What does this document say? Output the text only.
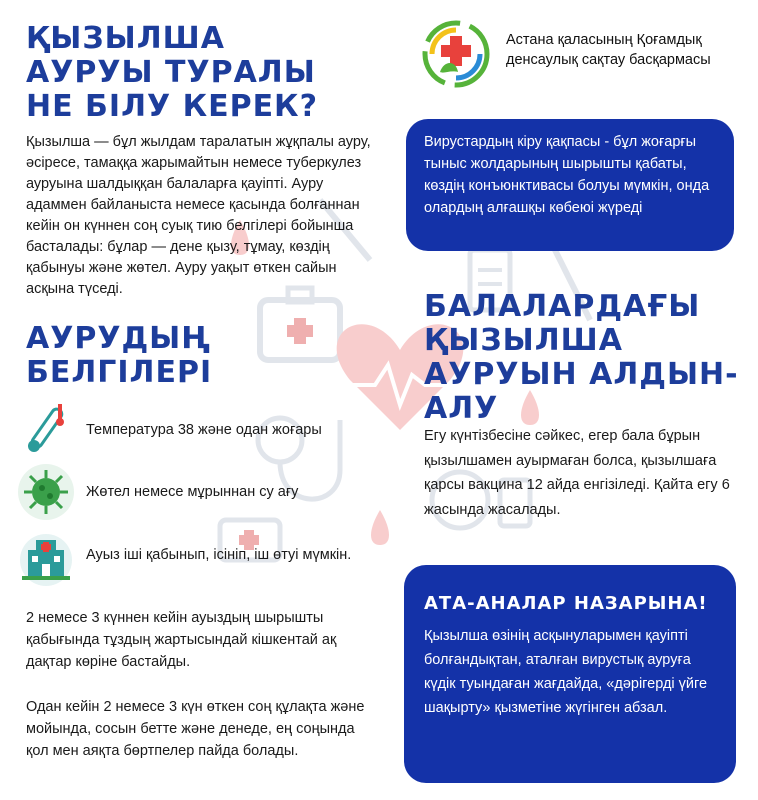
ҚЫЗЫЛША АУРУЫ ТУРАЛЫ НЕ БІЛУ КЕРЕК?
Астана қаласының Қоғамдық денсаулық сақтау басқармасы
Қызылша — бұл жылдам таралатын жұқпалы ауру, әсіресе, тамаққа жарымайтын немесе туберкулез ауруына шалдыққан балаларға қауіпті. Ауру адаммен байланыста немесе қасында болғаннан кейін он күннен соң суық тию белгілері бойынша басталады: бұлар — дене қызу, тұмау, көздің қабынуы және жөтел. Ауру уақыт өткен сайын асқына түседі.
Вирустардың кіру қақпасы - бұл жоғарғы тыныс жолдарының шырышты қабаты, көздің конъюнктивасы болуы мүмкін, онда олардың алғашқы көбеюі жүреді
АУРУДЫҢ БЕЛГІЛЕРІ
Температура 38 және одан жоғары
Жөтел немесе мұрыннан су ағу
Ауыз іші қабынып, ісініп, іш өтуі мүмкін.
2 немесе 3 күннен кейін ауыздың шырышты қабығында тұздың жартысындай кішкентай ақ дақтар көріне бастайды.
Одан кейін 2 немесе 3 күн өткен соң құлақта және мойында, сосын бетте және денеде, ең соңында қол мен аяқта бөртпелер пайда болады.
БАЛАЛАРДАҒЫ ҚЫЗЫЛША АУРУЫН АЛДЫН-АЛУ
Егу күнтізбесіне сәйкес, егер бала бұрын қызылшамен ауырмаған болса, қызылшаға қарсы вакцина 12 айда енгізіледі. Қайта егу 6 жасында жасалады.
АТА-АНАЛАР НАЗАРЫНА!

Қызылша өзінің асқынуларымен қауіпті болғандықтан, аталған вирустық ауруға күдік туындаған жағдайда, «дәрігерді үйге шақырту» қызметіне жүгінген абзал.
